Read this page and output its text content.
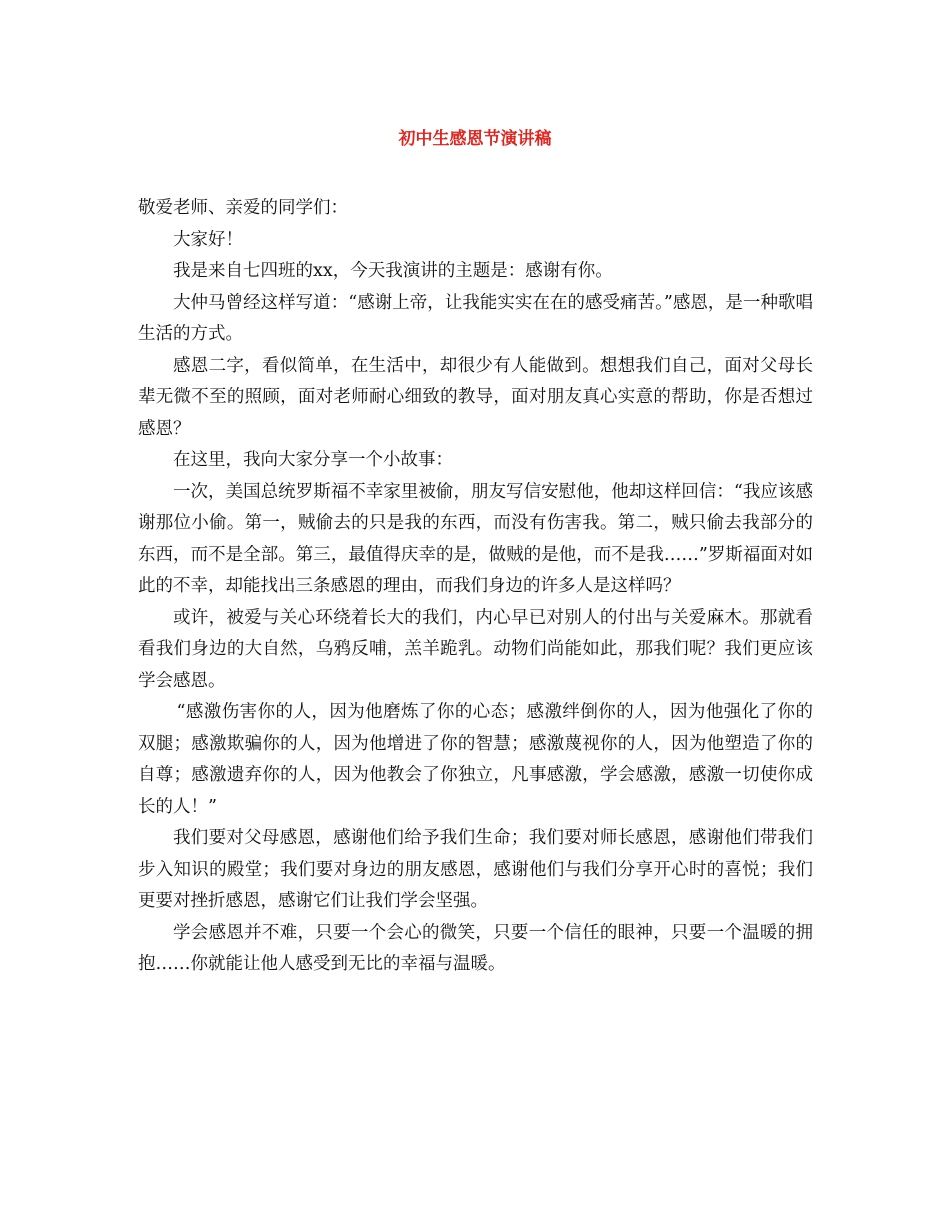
初中生感恩节演讲稿

敬爱老师、亲爱的同学们：

大家好！

我是来自七四班的xx，今天我演讲的主题是：感谢有你。

大仲马曾经这样写道：“感谢上帝，让我能实实在在的感受痛苦。”感恩，是一种歌唱生活的方式。

感恩二字，看似简单，在生活中，却很少有人能做到。想想我们自己，面对父母长辈无微不至的照顾，面对老师耐心细致的教导，面对朋友真心实意的帮助，你是否想过感恩？

在这里，我向大家分享一个小故事：

一次，美国总统罗斯福不幸家里被偷，朋友写信安慰他，他却这样回信：“我应该感谢那位小偷。第一，贼偷去的只是我的东西，而没有伤害我。第二，贼只偷去我部分的东西，而不是全部。第三，最值得庆幸的是，做贼的是他，而不是我……”罗斯福面对如此的不幸，却能找出三条感恩的理由，而我们身边的许多人是这样吗？

或许，被爱与关心环绕着长大的我们，内心早已对别人的付出与关爱麻木。那就看看我们身边的大自然，乌鸦反哺，羔羊跪乳。动物们尚能如此，那我们呢？我们更应该学会感恩。

“感激伤害你的人，因为他磨炼了你的心态；感激绊倒你的人，因为他强化了你的双腿；感激欺骗你的人，因为他增进了你的智慧；感激蔑视你的人，因为他塑造了你的自尊；感激遗弃你的人，因为他教会了你独立，凡事感激，学会感激，感激一切使你成长的人！”

我们要对父母感恩，感谢他们给予我们生命；我们要对师长感恩，感谢他们带我们步入知识的殿堂；我们要对身边的朋友感恩，感谢他们与我们分享开心时的喜悦；我们更要对挫折感恩，感谢它们让我们学会坚强。

学会感恩并不难，只要一个会心的微笑，只要一个信任的眼神，只要一个温暖的拥抱……你就能让他人感受到无比的幸福与温暖。
